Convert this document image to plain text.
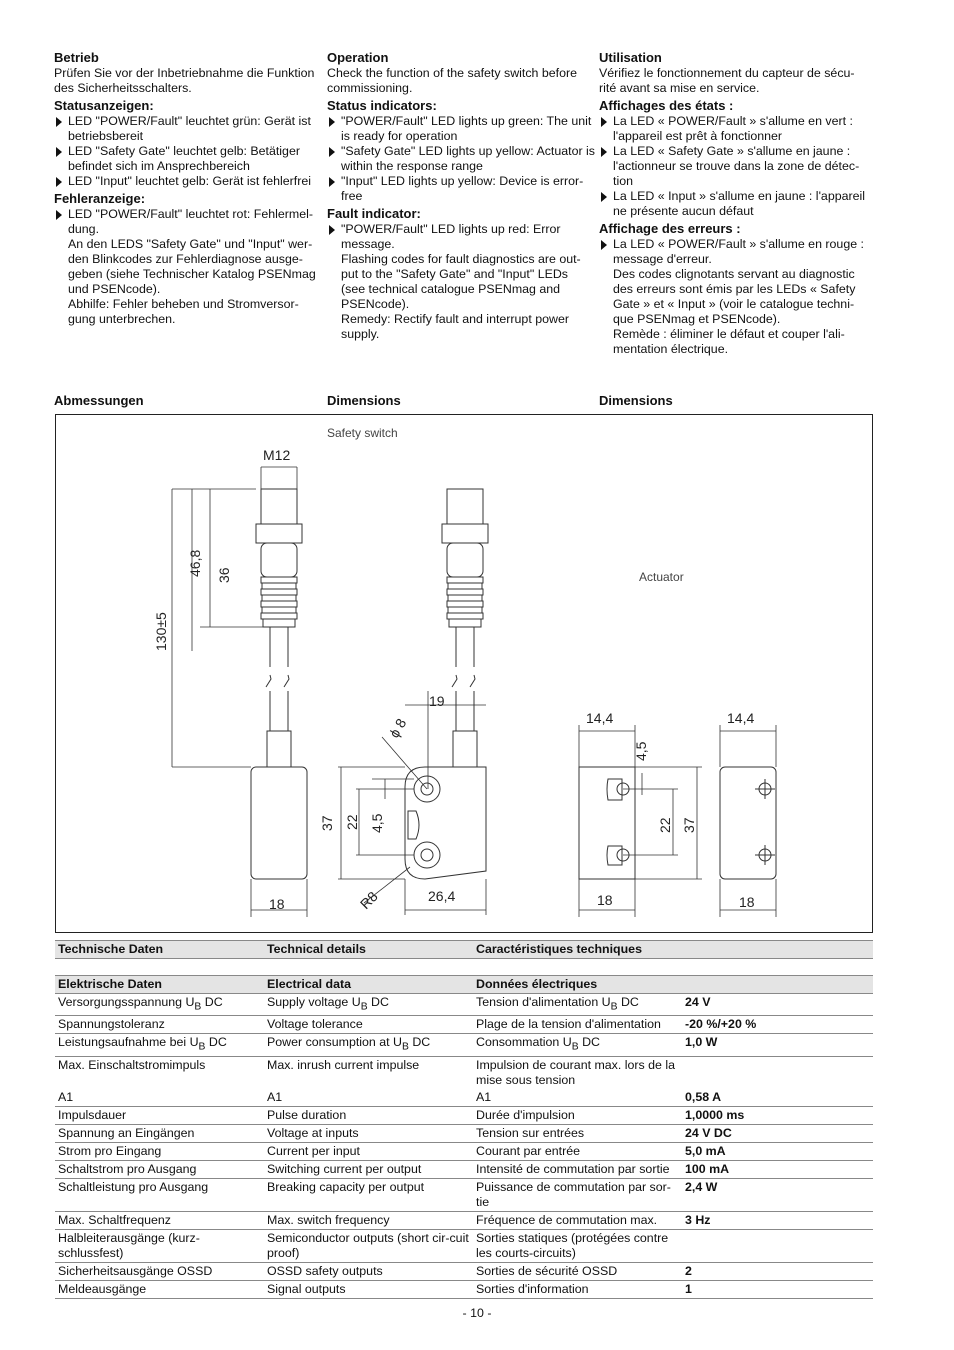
Betrieb

Prüfen Sie vor der Inbetriebnahme die Funktion des Sicherheitsschalters.

Statusanzeigen:

LED "POWER/Fault" leuchtet grün: Gerät ist betriebsbereit

LED "Safety Gate" leuchtet gelb: Betätiger befindet sich im Ansprechbereich

LED "Input" leuchtet gelb: Gerät ist fehlerfrei

Fehleranzeige:

LED "POWER/Fault" leuchtet rot: Fehlermel-dung.

An den LEDS "Safety Gate" und "Input" wer-den Blinkcodes zur Fehlerdiagnose ausge-geben (siehe Technischer Katalog PSENmag und PSENcode).

Abhilfe: Fehler beheben und Stromversor-gung unterbrechen.

Operation

Check the function of the safety switch before commissioning.

Status indicators:

"POWER/Fault" LED lights up green: The unit is ready for operation

"Safety Gate" LED lights up yellow: Actuator is within the response range

"Input" LED lights up yellow: Device is error-free

Fault indicator:

"POWER/Fault" LED lights up red: Error message.

Flashing codes for fault diagnostics are out-put to the "Safety Gate" and "Input" LEDs (see technical catalogue PSENmag and PSENcode).

Remedy: Rectify fault and interrupt power supply.

Utilisation

Vérifiez le fonctionnement du capteur de sécu-rité avant sa mise en service.

Affichages des états :

La LED « POWER/Fault » s'allume en vert : l'appareil est prêt à fonctionner

La LED « Safety Gate » s'allume en jaune : l'actionneur se trouve dans la zone de détec-tion

La LED « Input » s'allume en jaune : l'appareil ne présente aucun défaut

Affichage des erreurs :

La LED « POWER/Fault » s'allume en rouge : message d'erreur.

Des codes clignotants servant au diagnostic des erreurs sont émis par les LEDs « Safety Gate » et « Input » (voir le catalogue techni-que PSENmag et PSENcode).

Remède : éliminer le défaut et couper l'ali-mentation électrique.

Abmessungen	Dimensions	Dimensions
Safety switch
Actuator
M12
46,8 36
130±5
18
19
ϕ 8
37 22 4,5
R8	26,4
14,4
4,5
22 37
18
14,4
18
Technische Daten	Technical details	Caractéristiques techniques	
Elektrische Daten	Electrical data	Données électriques	
Versorgungsspannung $U_B$ DC	Supply voltage $U_B$ DC	Tension d'alimentation $U_B$ DC	24 V
Spannungstoleranz	Voltage tolerance	Plage de la tension d'alimentation	-20 %/+20 %
Leistungsaufnahme bei $U_B$ DC	Power consumption at $U_B$ DC	Consommation $U_B$ DC	1,0 W
Max. Einschaltstromimpuls	Max. inrush current impulse	Impulsion de courant max. lors de la mise sous tension	
A1	A1	A1	0,58 A
Impulsdauer	Pulse duration	Durée d'impulsion	1,0000 ms
Spannung an Eingängen	Voltage at inputs	Tension sur entrées	24 V DC
Strom pro Eingang	Current per input	Courant par entrée	5,0 mA
Schaltstrom pro Ausgang	Switching current per output	Intensité de commutation par sortie	100 mA
Schaltleistung pro Ausgang	Breaking capacity per output	Puissance de commutation par sor-tie	2,4 W
Max. Schaltfrequenz	Max. switch frequency	Fréquence de commutation max.	3 Hz
Halbleiterausgänge (kurz-schlussfest)	Semiconductor outputs (short cir-cuit proof)	Sorties statiques (protégées contre les courts-circuits)	
Sicherheitsausgänge OSSD	OSSD safety outputs	Sorties de sécurité OSSD	2
Meldeausgänge	Signal outputs	Sorties d'information	1
- 10 -
